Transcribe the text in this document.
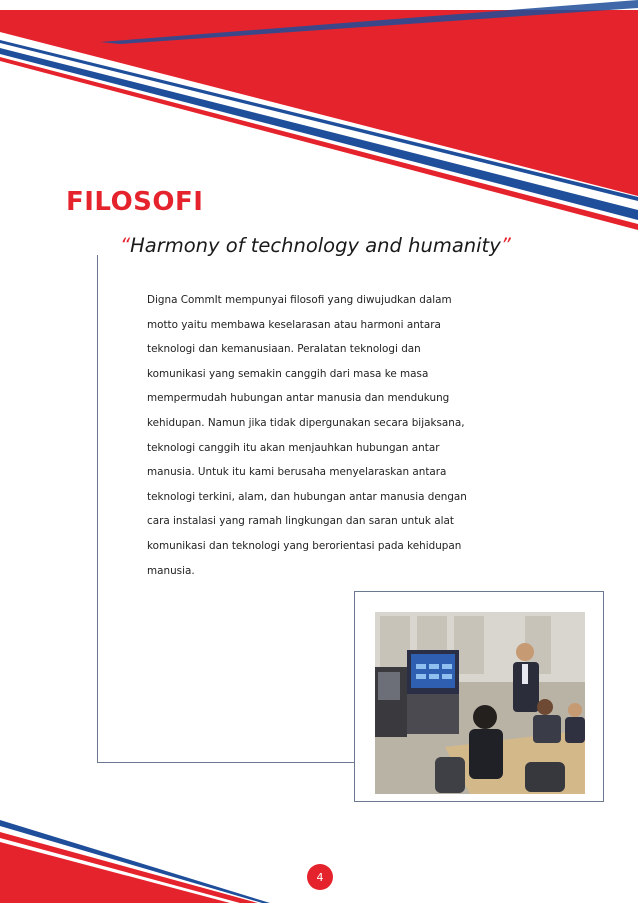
FILOSOFI
“Harmony of technology and humanity”
Digna CommIt mempunyai filosofi yang diwujudkan dalam
motto yaitu membawa keselarasan atau harmoni antara
teknologi dan kemanusiaan. Peralatan teknologi dan
komunikasi yang semakin canggih dari masa ke masa
mempermudah hubungan antar manusia dan mendukung
kehidupan. Namun jika tidak dipergunakan secara bijaksana,
teknologi canggih itu akan menjauhkan hubungan antar
manusia. Untuk itu kami berusaha menyelaraskan antara
teknologi terkini, alam, dan hubungan antar manusia dengan
cara instalasi yang ramah lingkungan dan saran untuk alat
komunikasi dan teknologi yang berorientasi pada kehidupan
manusia.
4
